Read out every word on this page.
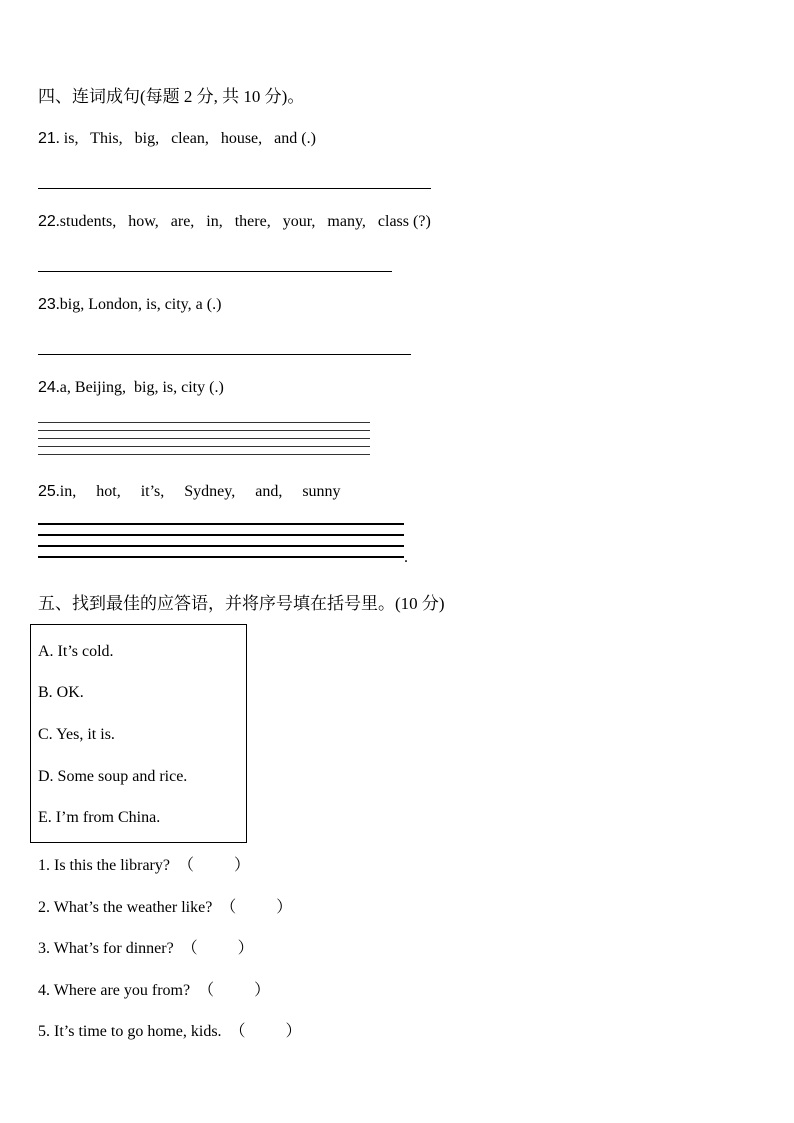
四、连词成句(每题 2 分, 共 10 分)。
21. is,   This,   big,   clean,   house,   and (.)
22.students,   how,   are,   in,   there,   your,   many,   class (?)
23.big, London, is, city, a (.)
24.a, Beijing,  big, is, city (.)
25.in,     hot,     it’s,     Sydney,     and,     sunny
.
五、找到最佳的应答语，并将序号填在括号里。(10 分)
A. It’s cold.
B. OK.
C. Yes, it is.
D. Some soup and rice.
E. I’m from China.
1. Is this the library?  （          ）
2. What’s the weather like?  （          ）
3. What’s for dinner?  （          ）
4. Where are you from?  （          ）
5. It’s time to go home, kids.  （          ）
